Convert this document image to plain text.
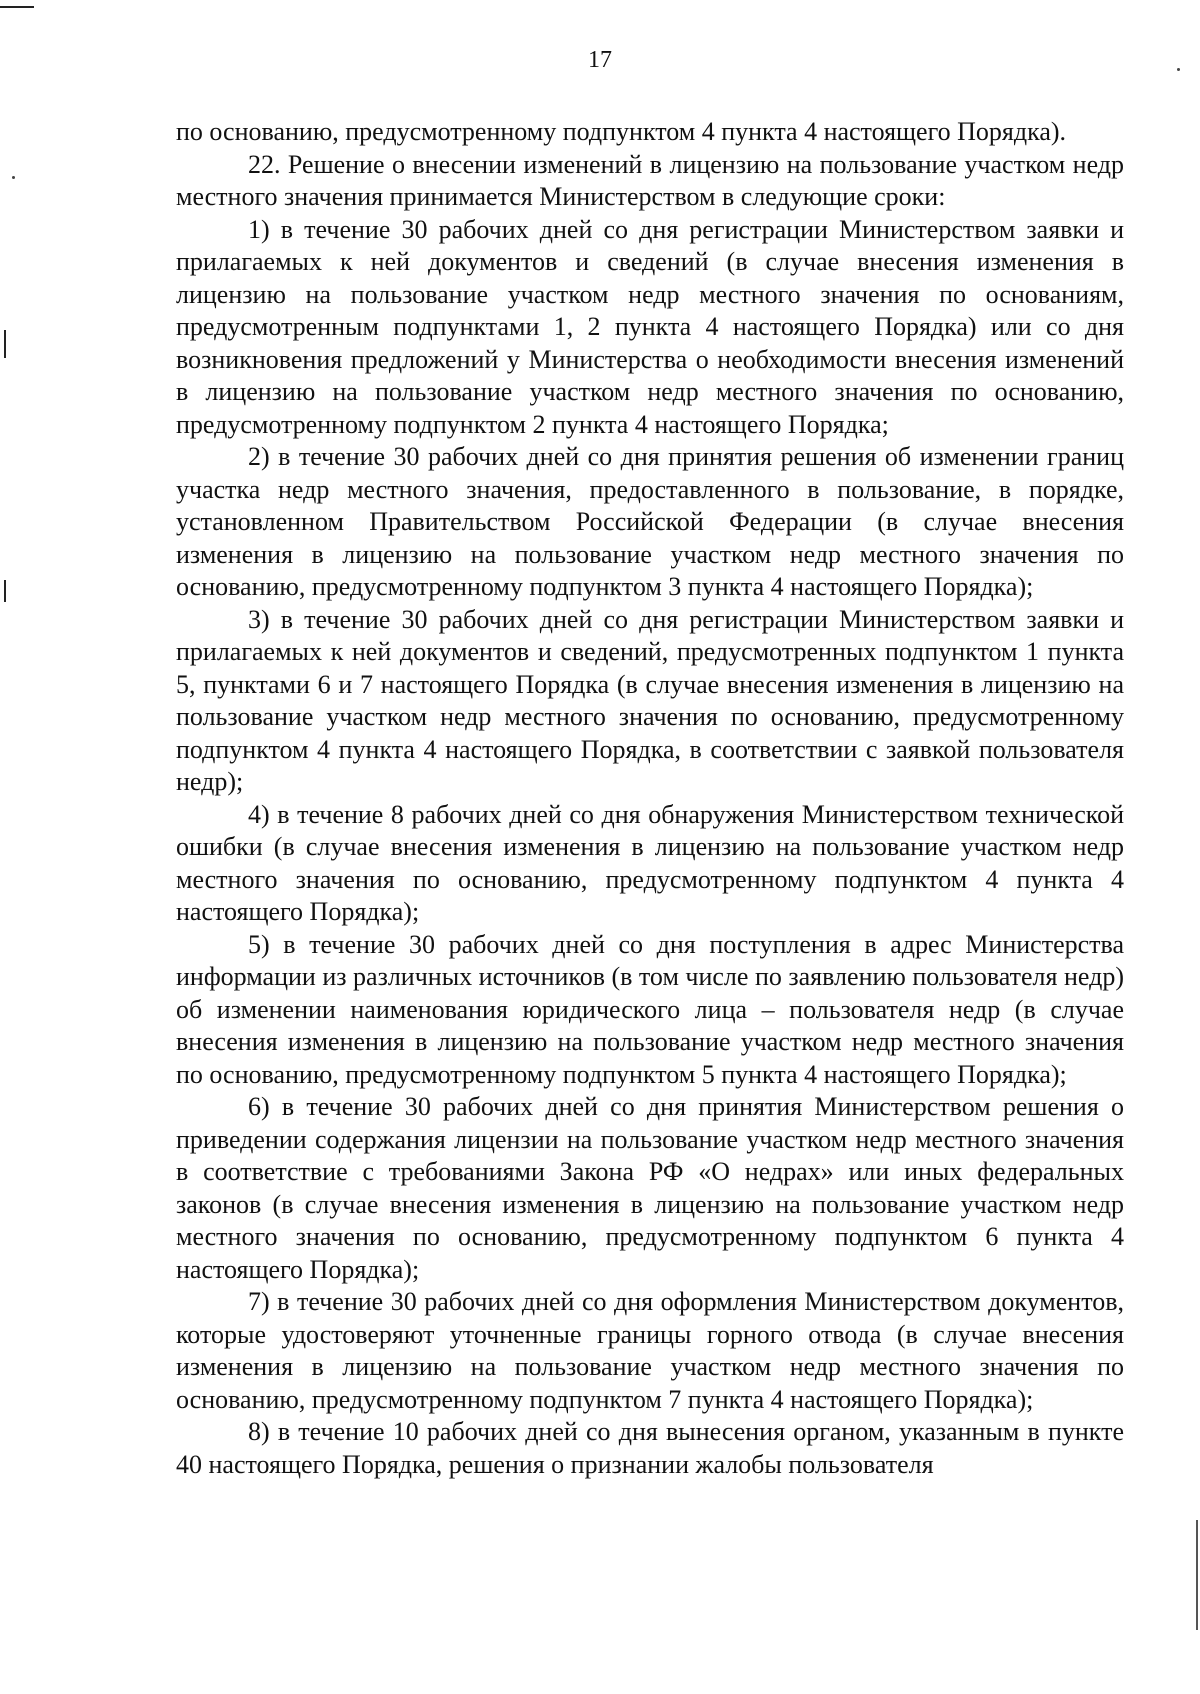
17

по основанию, предусмотренному подпунктом 4 пункта 4 настоящего Порядка).

22. Решение о внесении изменений в лицензию на пользование участком недр местного значения принимается Министерством в следующие сроки:

1) в течение 30 рабочих дней со дня регистрации Министерством заявки и прилагаемых к ней документов и сведений (в случае внесения изменения в лицензию на пользование участком недр местного значения по основаниям, предусмотренным подпунктами 1, 2 пункта 4 настоящего Порядка) или со дня возникновения предложений у Министерства о необходимости внесения изменений в лицензию на пользование участком недр местного значения по основанию, предусмотренному подпунктом 2 пункта 4 настоящего Порядка;

2) в течение 30 рабочих дней со дня принятия решения об изменении границ участка недр местного значения, предоставленного в пользование, в порядке, установленном Правительством Российской Федерации (в случае внесения изменения в лицензию на пользование участком недр местного значения по основанию, предусмотренному подпунктом 3 пункта 4 настоящего Порядка);

3) в течение 30 рабочих дней со дня регистрации Министерством заявки и прилагаемых к ней документов и сведений, предусмотренных подпунктом 1 пункта 5, пунктами 6 и 7 настоящего Порядка (в случае внесения изменения в лицензию на пользование участком недр местного значения по основанию, предусмотренному подпунктом 4 пункта 4 настоящего Порядка, в соответствии с заявкой пользователя недр);

4) в течение 8 рабочих дней со дня обнаружения Министерством технической ошибки (в случае внесения изменения в лицензию на пользование участком недр местного значения по основанию, предусмотренному подпунктом 4 пункта 4 настоящего Порядка);

5) в течение 30 рабочих дней со дня поступления в адрес Министерства информации из различных источников (в том числе по заявлению пользователя недр) об изменении наименования юридического лица – пользователя недр (в случае внесения изменения в лицензию на пользование участком недр местного значения по основанию, предусмотренному подпунктом 5 пункта 4 настоящего Порядка);

6) в течение 30 рабочих дней со дня принятия Министерством решения о приведении содержания лицензии на пользование участком недр местного значения в соответствие с требованиями Закона РФ «О недрах» или иных федеральных законов (в случае внесения изменения в лицензию на пользование участком недр местного значения по основанию, предусмотренному подпунктом 6 пункта 4 настоящего Порядка);

7) в течение 30 рабочих дней со дня оформления Министерством документов, которые удостоверяют уточненные границы горного отвода (в случае внесения изменения в лицензию на пользование участком недр местного значения по основанию, предусмотренному подпунктом 7 пункта 4 настоящего Порядка);

8) в течение 10 рабочих дней со дня вынесения органом, указанным в пункте 40 настоящего Порядка, решения о признании жалобы пользователя
